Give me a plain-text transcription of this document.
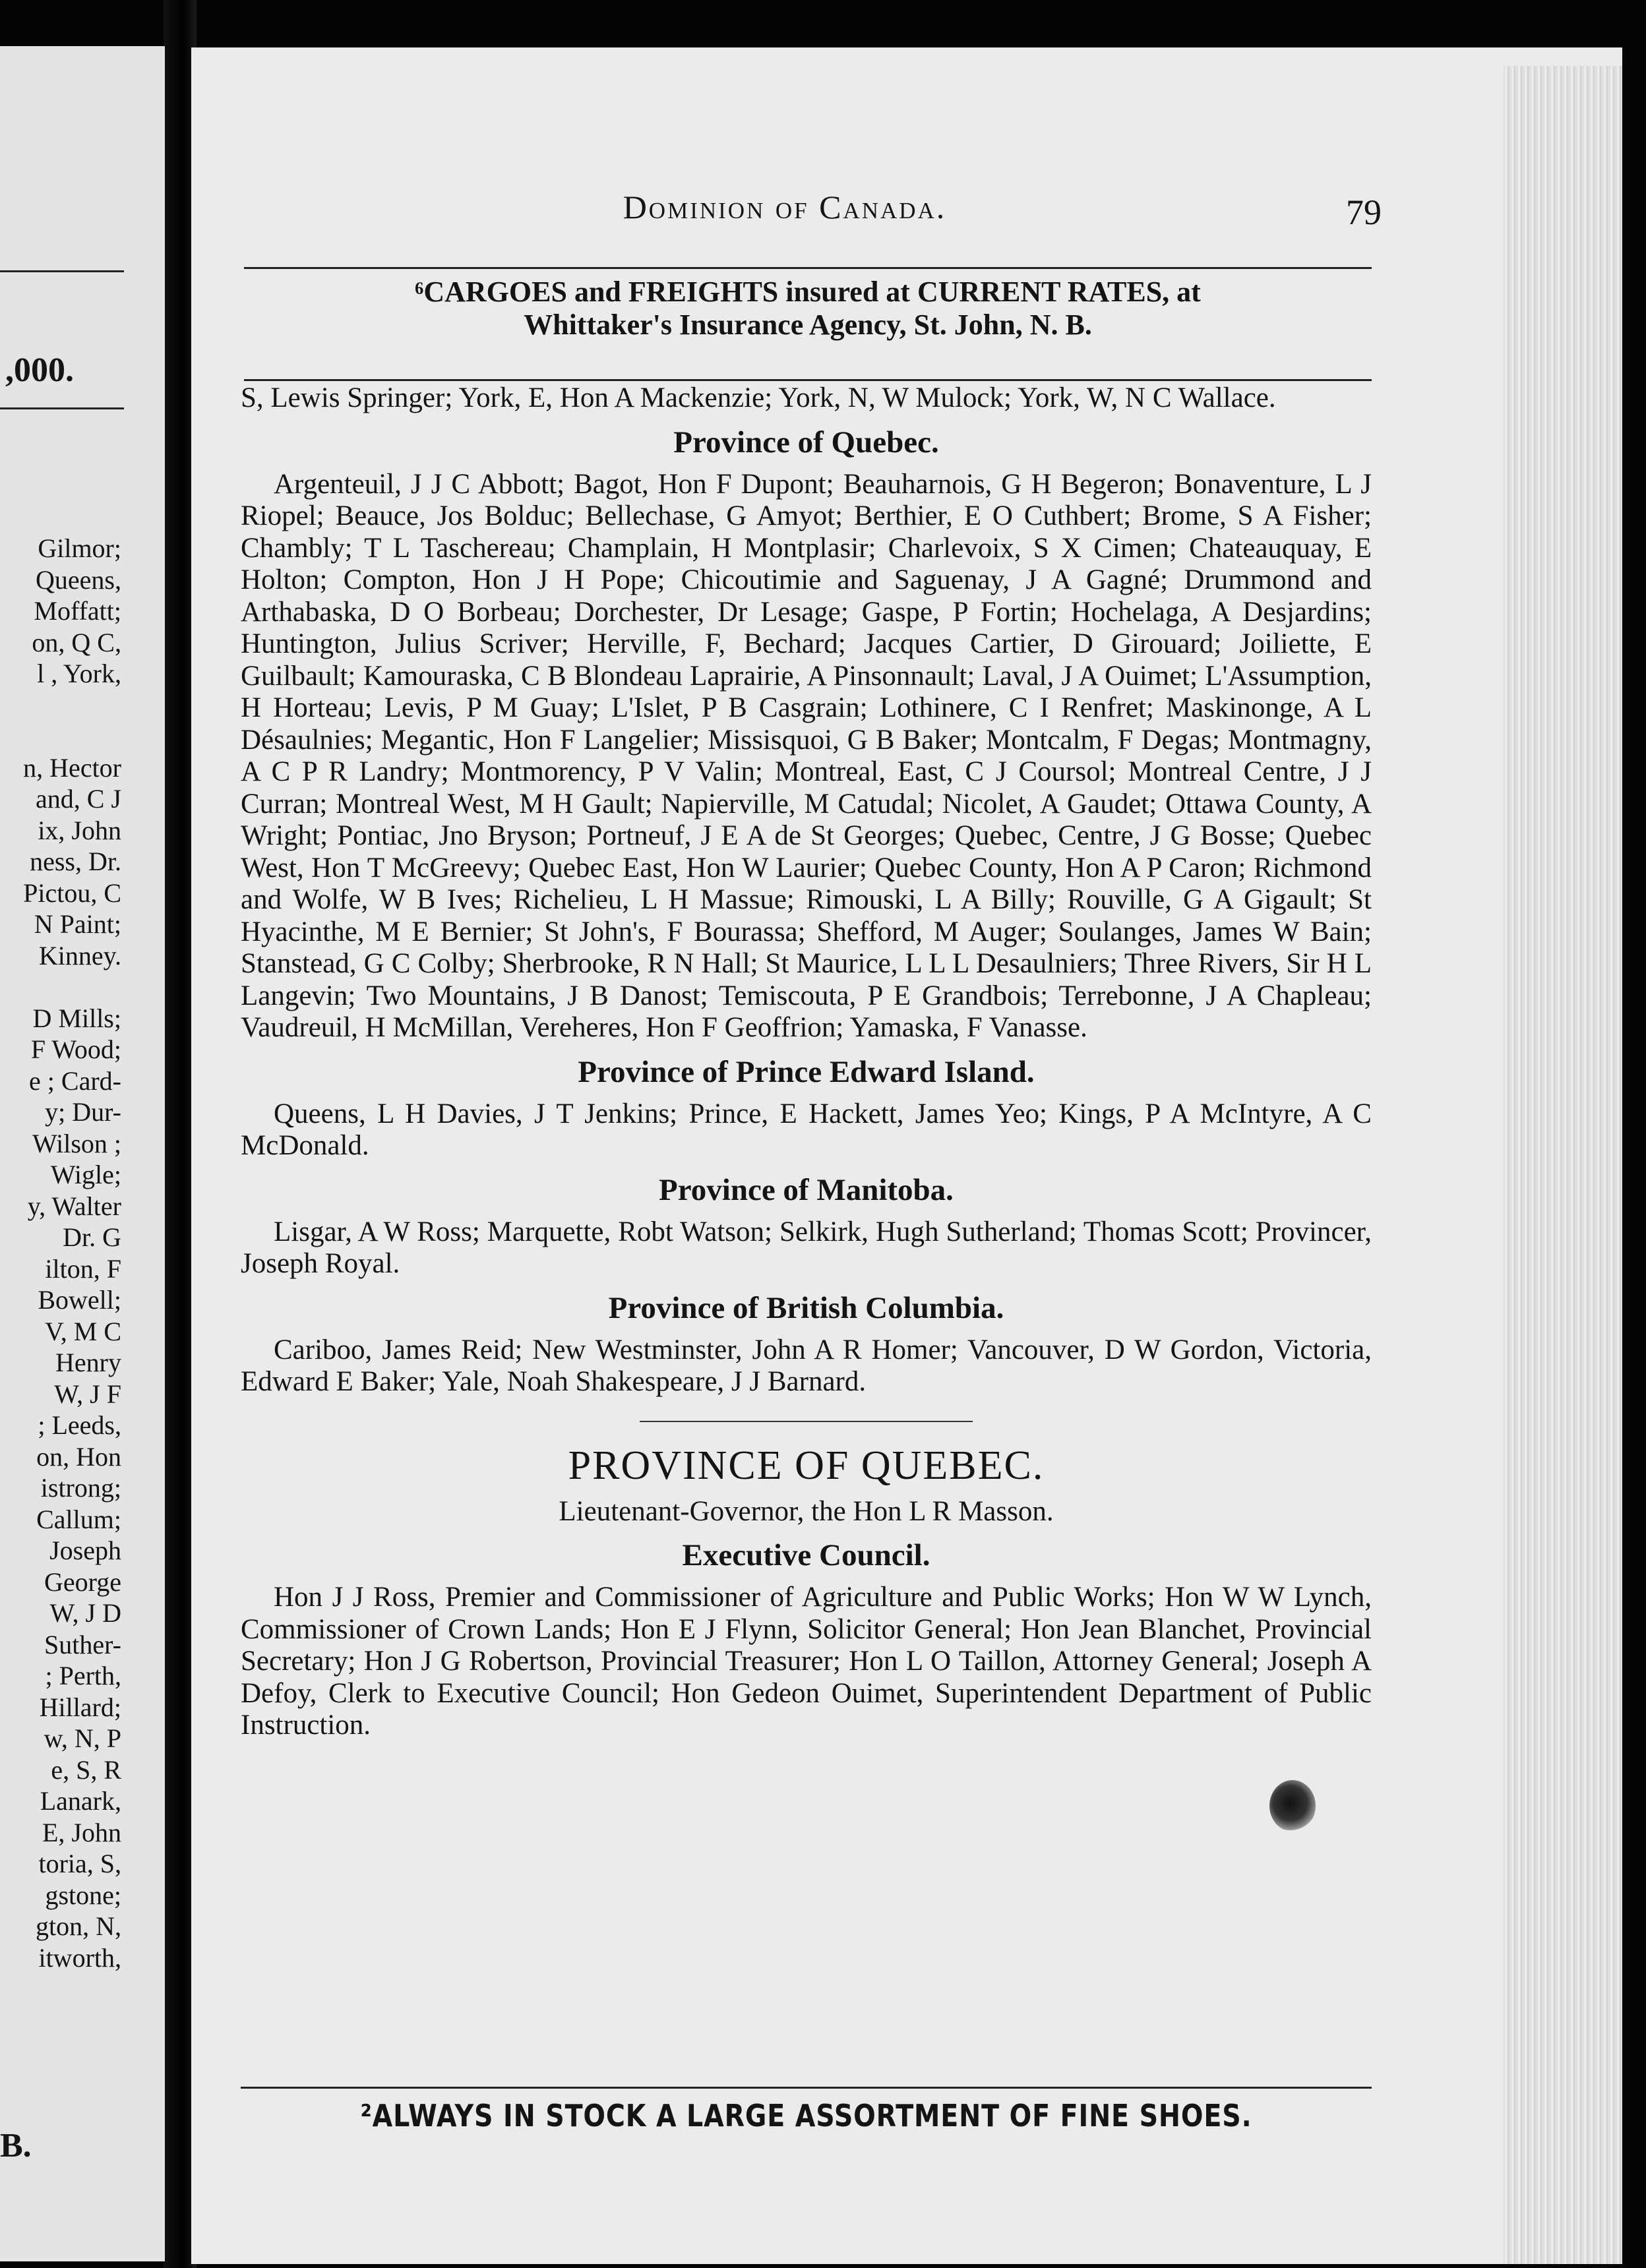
,000.
Gilmor;
Queens,
Moffatt;
on, Q C,
l , York,
n, Hector
and, C J
ix, John
ness, Dr.
Pictou, C
N Paint;
Kinney.
D Mills;
F Wood;
e ; Card-
y; Dur-
Wilson ;
Wigle;
y, Walter
Dr. G
ilton, F
Bowell;
V, M C
Henry
W, J F
; Leeds,
on, Hon
istrong;
Callum;
Joseph
George
W, J D
Suther-
; Perth,
Hillard;
w, N, P
e, S, R
Lanark,
E, John
toria, S,
gstone;
gton, N,
itworth,
B.
Dominion of Canada.	79
⁶CARGOES and FREIGHTS insured at CURRENT RATES, at
Whittaker's Insurance Agency, St. John, N. B.

S, Lewis Springer; York, E, Hon A Mackenzie; York, N, W Mulock; York, W, N C Wallace.

Province of Quebec.

Argenteuil, J J C Abbott; Bagot, Hon F Dupont; Beauharnois, G H Begeron; Bonaventure, L J Riopel; Beauce, Jos Bolduc; Bellechase, G Amyot; Berthier, E O Cuthbert; Brome, S A Fisher; Chambly; T L Taschereau; Champlain, H Montplasir; Charlevoix, S X Cimen; Chateauquay, E Holton; Compton, Hon J H Pope; Chicoutimie and Saguenay, J A Gagné; Drummond and Arthabaska, D O Borbeau; Dorchester, Dr Lesage; Gaspe, P Fortin; Hochelaga, A Desjardins; Huntington, Julius Scriver; Herville, F, Bechard; Jacques Cartier, D Girouard; Joiliette, E Guilbault; Kamouraska, C B Blondeau Laprairie, A Pinsonnault; Laval, J A Ouimet; L'Assumption, H Horteau; Levis, P M Guay; L'Islet, P B Casgrain; Lothinere, C I Renfret; Maskinonge, A L Désaulnies; Megantic, Hon F Langelier; Missisquoi, G B Baker; Montcalm, F Degas; Montmagny, A C P R Landry; Montmorency, P V Valin; Montreal, East, C J Coursol; Montreal Centre, J J Curran; Montreal West, M H Gault; Napierville, M Catudal; Nicolet, A Gaudet; Ottawa County, A Wright; Pontiac, Jno Bryson; Portneuf, J E A de St Georges; Quebec, Centre, J G Bosse; Quebec West, Hon T McGreevy; Quebec East, Hon W Laurier; Quebec County, Hon A P Caron; Richmond and Wolfe, W B Ives; Richelieu, L H Massue; Rimouski, L A Billy; Rouville, G A Gigault; St Hyacinthe, M E Bernier; St John's, F Bourassa; Shefford, M Auger; Soulanges, James W Bain; Stanstead, G C Colby; Sherbrooke, R N Hall; St Maurice, L L L Desaulniers; Three Rivers, Sir H L Langevin; Two Mountains, J B Danost; Temiscouta, P E Grandbois; Terrebonne, J A Chapleau; Vaudreuil, H McMillan, Vereheres, Hon F Geoffrion; Yamaska, F Vanasse.

Province of Prince Edward Island.

Queens, L H Davies, J T Jenkins; Prince, E Hackett, James Yeo; Kings, P A McIntyre, A C McDonald.

Province of Manitoba.

Lisgar, A W Ross; Marquette, Robt Watson; Selkirk, Hugh Sutherland; Thomas Scott; Provincer, Joseph Royal.

Province of British Columbia.

Cariboo, James Reid; New Westminster, John A R Homer; Vancouver, D W Gordon, Victoria, Edward E Baker; Yale, Noah Shakespeare, J J Barnard.

PROVINCE OF QUEBEC.
Lieutenant-Governor, the Hon L R Masson.
Executive Council.

Hon J J Ross, Premier and Commissioner of Agriculture and Public Works; Hon W W Lynch, Commissioner of Crown Lands; Hon E J Flynn, Solicitor General; Hon Jean Blanchet, Provincial Secretary; Hon J G Robertson, Provincial Treasurer; Hon L O Taillon, Attorney General; Joseph A Defoy, Clerk to Executive Council; Hon Gedeon Ouimet, Superintendent Department of Public Instruction.

²ALWAYS IN STOCK A LARGE ASSORTMENT OF FINE SHOES.
